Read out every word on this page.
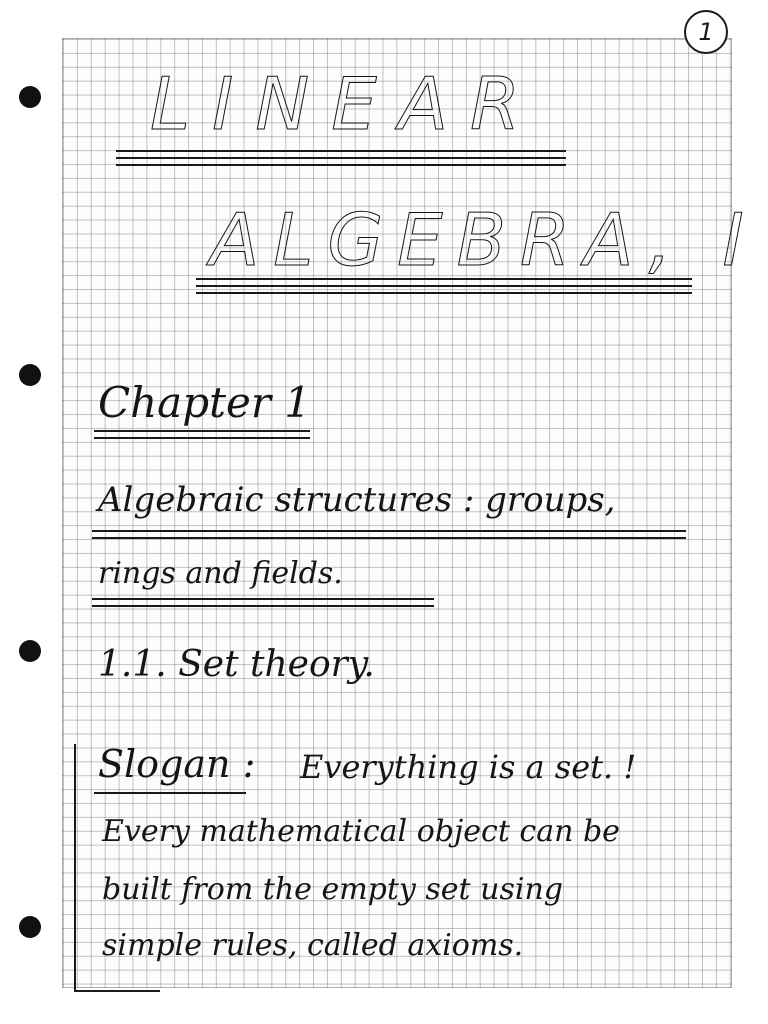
1
LINEAR
ALGEBRA, I
Chapter 1
Algebraic structures : groups,
rings and fields.
1.1. Set theory.
Slogan : Everything is a set. !
Every mathematical object can be
built from the empty set using
simple rules, called axioms.
